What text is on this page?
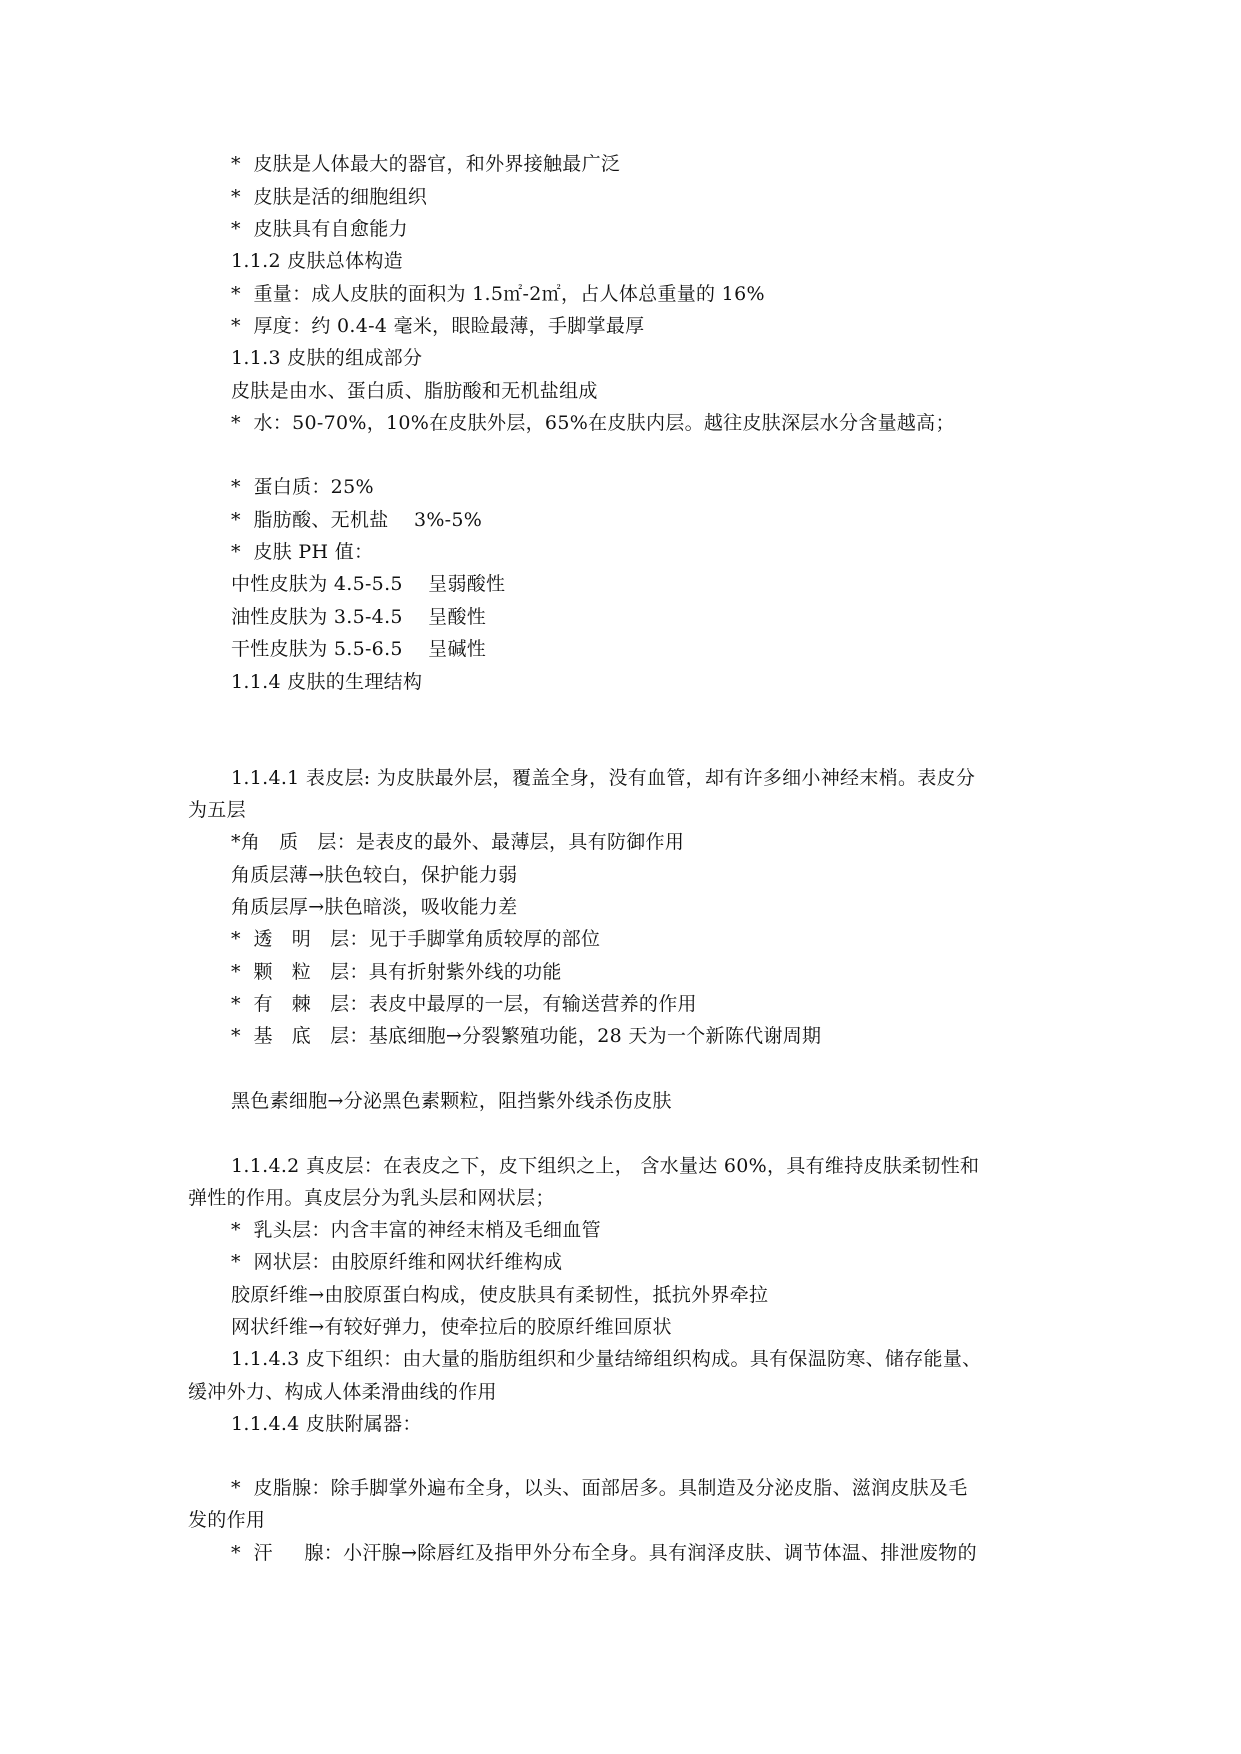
*  皮肤是人体最大的器官，和外界接触最广泛
*  皮肤是活的细胞组织
*  皮肤具有自愈能力
1.1.2 皮肤总体构造
*  重量：成人皮肤的面积为 1.5㎡-2㎡，占人体总重量的 16%
*  厚度：约 0.4-4 毫米，眼睑最薄，手脚掌最厚
1.1.3 皮肤的组成部分
皮肤是由水、蛋白质、脂肪酸和无机盐组成
*  水：50-70%，10%在皮肤外层，65%在皮肤内层。越往皮肤深层水分含量越高；
*  蛋白质：25%
*  脂肪酸、无机盐    3%-5%
*  皮肤 PH 值：
中性皮肤为 4.5-5.5    呈弱酸性
油性皮肤为 3.5-4.5    呈酸性
干性皮肤为 5.5-6.5    呈碱性
1.1.4 皮肤的生理结构
1.1.4.1 表皮层: 为皮肤最外层，覆盖全身，没有血管，却有许多细小神经末梢。表皮分
为五层
*角   质   层：是表皮的最外、最薄层，具有防御作用
角质层薄→肤色较白，保护能力弱
角质层厚→肤色暗淡，吸收能力差
*  透   明   层：见于手脚掌角质较厚的部位
*  颗   粒   层：具有折射紫外线的功能
*  有   棘   层：表皮中最厚的一层，有输送营养的作用
*  基   底   层：基底细胞→分裂繁殖功能，28 天为一个新陈代谢周期
黑色素细胞→分泌黑色素颗粒，阻挡紫外线杀伤皮肤
1.1.4.2 真皮层：在表皮之下，皮下组织之上， 含水量达 60%，具有维持皮肤柔韧性和
弹性的作用。真皮层分为乳头层和网状层；
*  乳头层：内含丰富的神经末梢及毛细血管
*  网状层：由胶原纤维和网状纤维构成
胶原纤维→由胶原蛋白构成，使皮肤具有柔韧性，抵抗外界牵拉
网状纤维→有较好弹力，使牵拉后的胶原纤维回原状
1.1.4.3 皮下组织：由大量的脂肪组织和少量结缔组织构成。具有保温防寒、储存能量、
缓冲外力、构成人体柔滑曲线的作用
1.1.4.4 皮肤附属器：
*  皮脂腺：除手脚掌外遍布全身，以头、面部居多。具制造及分泌皮脂、滋润皮肤及毛
发的作用
*  汗     腺：小汗腺→除唇红及指甲外分布全身。具有润泽皮肤、调节体温、排泄废物的
